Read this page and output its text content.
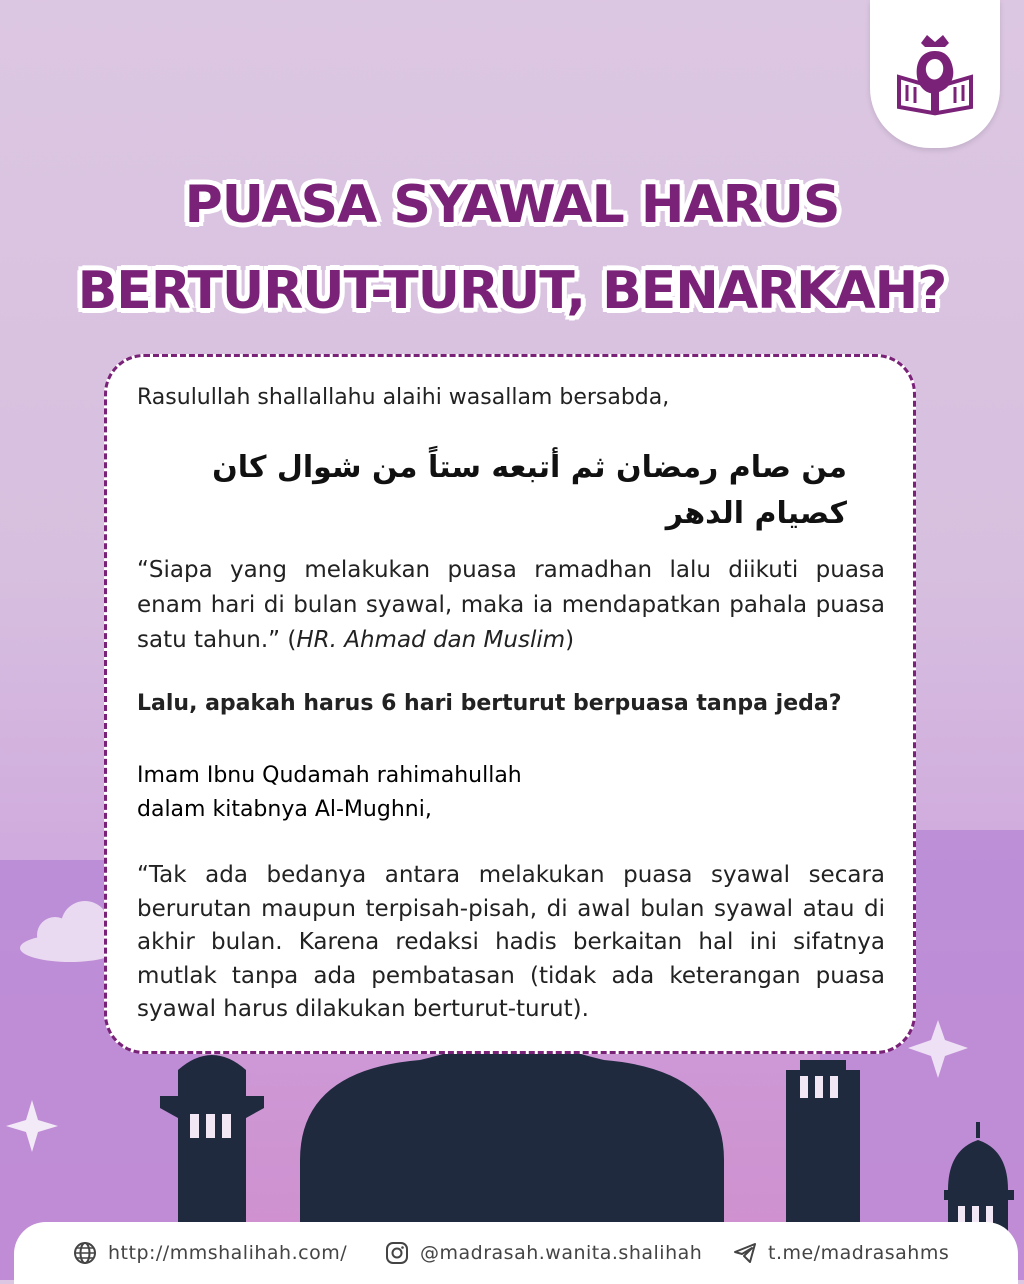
PUASA SYAWAL HARUS
BERTURUT-TURUT, BENARKAH?

Rasulullah shallallahu alaihi wasallam bersabda,

من صام رمضان ثم أتبعه ستاً من شوال كان
كصيام الدهر

“Siapa yang melakukan puasa ramadhan lalu diikuti puasa enam hari di bulan syawal, maka ia mendapatkan pahala puasa satu tahun.” (HR. Ahmad dan Muslim)

Lalu, apakah harus 6 hari berturut berpuasa tanpa jeda?

Imam Ibnu Qudamah rahimahullah
dalam kitabnya Al-Mughni,

“Tak ada bedanya antara melakukan puasa syawal secara berurutan maupun terpisah-pisah, di awal bulan syawal atau di akhir bulan. Karena redaksi hadis berkaitan hal ini sifatnya mutlak tanpa ada pembatasan (tidak ada keterangan puasa syawal harus dilakukan berturut-turut).

http://mmshalihah.com/	@madrasah.wanita.shalihah	t.me/madrasahms
